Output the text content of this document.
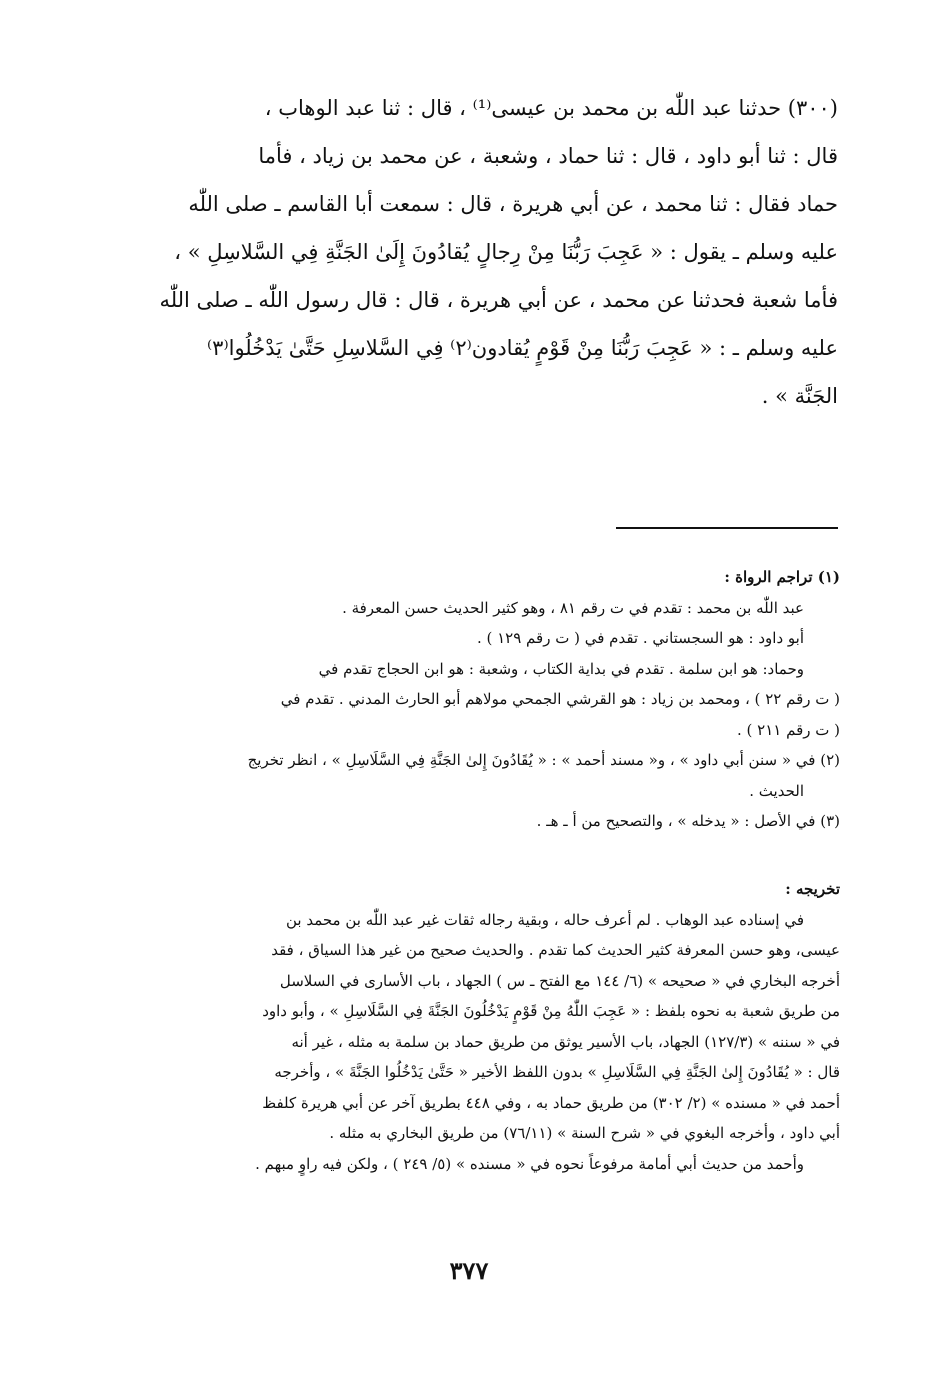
(٣٠٠) حدثنا عبد اللّٰه بن محمد بن عيسى⁽¹⁾ ، قال : ثنا عبد الوهاب ،
قال : ثنا أبو داود ، قال : ثنا حماد ، وشعبة ، عن محمد بن زياد ، فأما
حماد فقال : ثنا محمد ، عن أبي هريرة ، قال : سمعت أبا القاسم ـ صلى اللّٰه
عليه وسلم ـ يقول : « عَجِبَ رَبُّنَا مِنْ رِجالٍ يُقادُونَ إِلَىٰ الجَنَّةِ فِي السَّلاسِلِ » ،
فأما شعبة فحدثنا عن محمد ، عن أبي هريرة ، قال : قال رسول اللّٰه ـ صلى اللّٰه
عليه وسلم ـ : « عَجِبَ رَبُّنَا مِنْ قَوْمٍ يُقادون⁽٢⁾ فِي السَّلاسِلِ حَتَّىٰ يَدْخُلُوا⁽٣⁾
الجَنَّة » .
(١) تراجم الرواة :
عبد اللّٰه بن محمد : تقدم في ت رقم ٨١ ، وهو كثير الحديث حسن المعرفة .
أبو داود : هو السجستاني . تقدم في ( ت رقم ١٢٩ ) .
وحماد: هو ابن سلمة . تقدم في بداية الكتاب ، وشعبة : هو ابن الحجاج تقدم في
( ت رقم ٢٢ ) ، ومحمد بن زياد : هو القرشي الجمحي مولاهم أبو الحارث المدني . تقدم في
( ت رقم ٢١١ ) .
(٢) في « سنن أبي داود » ، و« مسند أحمد » : « يُقَادُونَ إِلىٰ الجَنَّةِ فِي السَّلَاسِلِ » ، انظر تخريج
الحديث .
(٣) في الأصل : « يدخله » ، والتصحيح من أ ـ هـ .
تخريجه :
في إسناده عبد الوهاب . لم أعرف حاله ، وبقية رجاله ثقات غير عبد اللّٰه بن محمد بن
عيسى، وهو حسن المعرفة كثير الحديث كما تقدم . والحديث صحيح من غير هذا السياق ، فقد
أخرجه البخاري في « صحيحه » (٦/ ١٤٤ مع الفتح ـ س ) الجهاد ، باب الأسارى في السلاسل
من طريق شعبة به نحوه بلفظ : « عَجِبَ اللّٰهُ مِنْ قَوْمٍ يَدْخُلُونَ الجَنَّةَ فِي السَّلَاسِلِ » ، وأبو داود
في « سننه » (١٢٧/٣) الجهاد، باب الأسير يوثق من طريق حماد بن سلمة به مثله ، غير أنه
قال : « يُقَادُونَ إِلىٰ الجَنَّةِ فِي السَّلَاسِلِ » بدون اللفظ الأخير « حَتَّىٰ يَدْخُلُوا الجَنَّةَ » ، وأخرجه
أحمد في « مسنده » (٢/ ٣٠٢) من طريق حماد به ، وفي ٤٤٨ بطريق آخر عن أبي هريرة كلفظ
أبي داود ، وأخرجه البغوي في « شرح السنة » (٧٦/١١) من طريق البخاري به مثله .
وأحمد من حديث أبي أمامة مرفوعاً نحوه في « مسنده » (٥/ ٢٤٩ ) ، ولكن فيه راوٍ مبهم .
٣٧٧
